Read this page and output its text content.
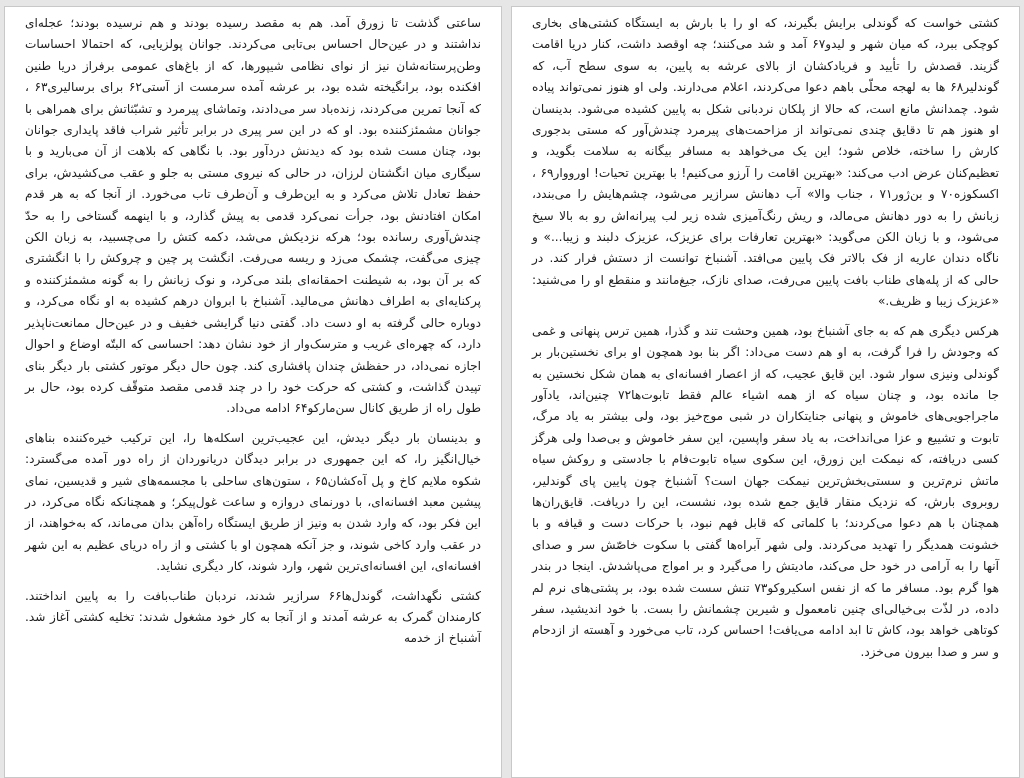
ساعتی گذشت تا زورق آمد. هم به مقصد رسیده بودند و هم نرسیده بودند؛ عجله‌ای نداشتند و در عین‌حال احساس بی‌تابی می‌کردند. جوانان پولزیایی، که احتمالا احساسات وطن‌پرستانه‌شان نیز از نوای نظامی شیپورها، که از باغ‌های عمومی برفراز دریا طنین افکنده بود، برانگیخته شده بود، بر عرشه آمده سرمست از آستی۶۲ برای برسالیری۶۳ ، که آنجا تمرین می‌کردند، زنده‌باد سر می‌دادند، وتماشای پیرمرد و تشبّثاتش برای همراهی با جوانان مشمئزکننده بود. او که در این سر پیری در برابر تأثیر شراب فاقد پایداری جوانان بود، چنان مست شده بود که دیدنش دردآور بود. با نگاهی که بلاهت از آن می‌بارید و با سیگاری میان انگشتان لرزان، در حالی که نیروی مستی به جلو و عقب می‌کشیدش، برای حفظ تعادل تلاش می‌کرد و به این‌طرف و آن‌طرف تاب می‌خورد. از آنجا که به هر قدم امکان افتادنش بود، جرأت نمی‌کرد قدمی به پیش گذارد، و با اینهمه گستاخی را به حدّ چندش‌آوری رسانده بود؛ هرکه نزدیکش می‌شد، دکمه کتش را می‌چسبید، به زبان الکن چیزی می‌گفت، چشمک می‌زد و ریسه می‌رفت. انگشت پر چین و چروکش را با انگشتری که بر آن بود، به شیطنت احمقانه‌ای بلند می‌کرد، و نوک زبانش را به گونه مشمئزکننده و پرکنایه‌ای به اطراف دهانش می‌مالید. آشنباخ با ابروان درهم کشیده به او نگاه می‌کرد، و دوباره حالی گرفته به او دست داد. گفتی دنیا گرایشی خفیف و در عین‌حال ممانعت‌ناپذیر دارد، که چهره‌ای غریب و مترسک‌وار از خود نشان دهد: احساسی که البتّه اوضاع و احوال اجازه نمی‌داد، در حفظش چندان پافشاری کند. چون حال دیگر موتور کشتی بار دیگر بنای تپیدن گذاشت، و کشتی که حرکت خود را در چند قدمی مقصد متوقّف کرده بود، حال بر طول راه از طریق کانال سن‌مارکو۶۴ ادامه می‌داد.

و بدینسان بار دیگر دیدش، این عجیب‌ترین اسکله‌ها را، این ترکیب خیره‌کننده بناهای خیال‌انگیز را، که این جمهوری در برابر دیدگان دریانوردان از راه دور آمده می‌گسترد: شکوه ملایم کاخ و پل آه‌کشان۶۵ ، ستون‌های ساحلی با مجسمه‌های شیر و قدیسین، نمای پیشین معبد افسانه‌ای، با دورنمای دروازه و ساعت غول‌پیکر؛ و همچنانکه نگاه می‌کرد، در این فکر بود، که وارد شدن به ونیز از طریق ایستگاه راه‌آهن بدان می‌ماند، که به‌خواهند، از در عقب وارد کاخی شوند، و جز آنکه همچون او با کشتی و از راه دریای عظیم به این شهر افسانه‌ای، این افسانه‌ای‌ترین شهر، وارد شوند، کار دیگری نشاید.

کشتی نگهداشت، گوندل‌ها۶۶ سرازیر شدند، نردبان طناب‌بافت را به پایین انداختند. کارمندان گمرک به عرشه آمدند و از آنجا به کار خود مشغول شدند: تخلیه کشتی آغاز شد. آشنباخ از خدمه

کشتی خواست که گوندلی برایش بگیرند، که او را با بارش به ایستگاه کشتی‌های بخاری کوچکی ببرد، که میان شهر و لیدو۶۷ آمد و شد می‌کنند؛ چه اوقصد داشت، کنار دریا اقامت گزیند. قصدش را تأیید و فریادکشان از بالای عرشه به پایین، به سوی سطح آب، که گوندلیر۶۸ ها به لهجه محلّی باهم دعوا می‌کردند، اعلام می‌دارند. ولی او هنوز نمی‌تواند پیاده شود. چمدانش مانع است، که حالا از پلکان نردبانی شکل به پایین کشیده می‌شود. بدینسان او هنوز هم تا دقایق چندی نمی‌تواند از مزاحمت‌های پیرمرد چندش‌آور که مستی بدجوری کارش را ساخته، خلاص شود؛ این یک می‌خواهد به مسافر بیگانه به سلامت بگوید، و تعظیم‌کنان عرض ادب می‌کند: «بهترین اقامت را آرزو می‌کنیم! با بهترین تحیات! اورووار۶۹ ، اکسکوزه۷۰ و بن‌ژور۷۱ ، جناب والا» آب دهانش سرازیر می‌شود، چشم‌هایش را می‌بندد، زبانش را به دور دهانش می‌مالد، و ریش رنگ‌آمیزی شده زیر لب پیرانه‌اش رو به بالا سیخ می‌شود، و با زبان الکن می‌گوید: «بهترین تعارفات برای عزیزک، عزیزک دلبند و زیبا...» و ناگاه دندان عاریه از فک بالاتر فک پایین می‌افتد. آشنباخ توانست از دستش فرار کند. در حالی که از پله‌های طناب بافت پایین می‌رفت، صدای نازک، جیغ‌مانند و منقطع او را می‌شنید: «عزیزک زیبا و ظریف.»

هرکس دیگری هم که به جای آشنباخ بود، همین وحشت تند و گذرا، همین ترس پنهانی و غمی که وجودش را فرا گرفت، به او هم دست می‌داد: اگر بنا بود همچون او برای نخستین‌بار بر گوندلی ونیزی سوار شود. این قایق عجیب، که از اعصار افسانه‌ای به همان شکل نخستین به جا مانده بود، و چنان سیاه که از همه اشیاء عالم فقط تابوت‌ها۷۲ چنین‌اند، یادآور ماجراجویی‌های خاموش و پنهانی جنایتکاران در شبی موج‌خیز بود، ولی بیشتر به یاد مرگ، تابوت و تشییع و عزا می‌انداخت، به یاد سفر واپسین، این سفر خاموش و بی‌صدا ولی هرگز کسی دریافته، که نیمکت این زورق، این سکوی سیاه تابوت‌فام با جادستی و روکش سیاه ماتش نرم‌ترین و سستی‌بخش‌ترین نیمکت جهان است؟ آشنباخ چون پایین پای گوندلیر، روبروی بارش، که نزدیک منقار قایق جمع شده بود، نشست، این را دریافت. قایق‌ران‌ها همچنان با هم دعوا می‌کردند؛ با کلماتی که قابل فهم نبود، با حرکات دست و قیافه و با خشونت همدیگر را تهدید می‌کردند. ولی شهر آبراه‌ها گفتی با سکوت خاصّش سر و صدای آنها را به آرامی در خود حل می‌کند، مادیتش را می‌گیرد و بر امواج می‌پاشدش. اینجا در بندر هوا گرم بود. مسافر ما که از نفس اسکیروکو۷۳ تنش سست شده بود، بر پشتی‌های نرم لم داده، در لذّت بی‌خیالی‌ای چنین نامعمول و شیرین چشمانش را بست. با خود اندیشید، سفر کوتاهی خواهد بود، کاش تا ابد ادامه می‌یافت! احساس کرد، تاب می‌خورد و آهسته از ازدحام و سر و صدا بیرون می‌خزد.
